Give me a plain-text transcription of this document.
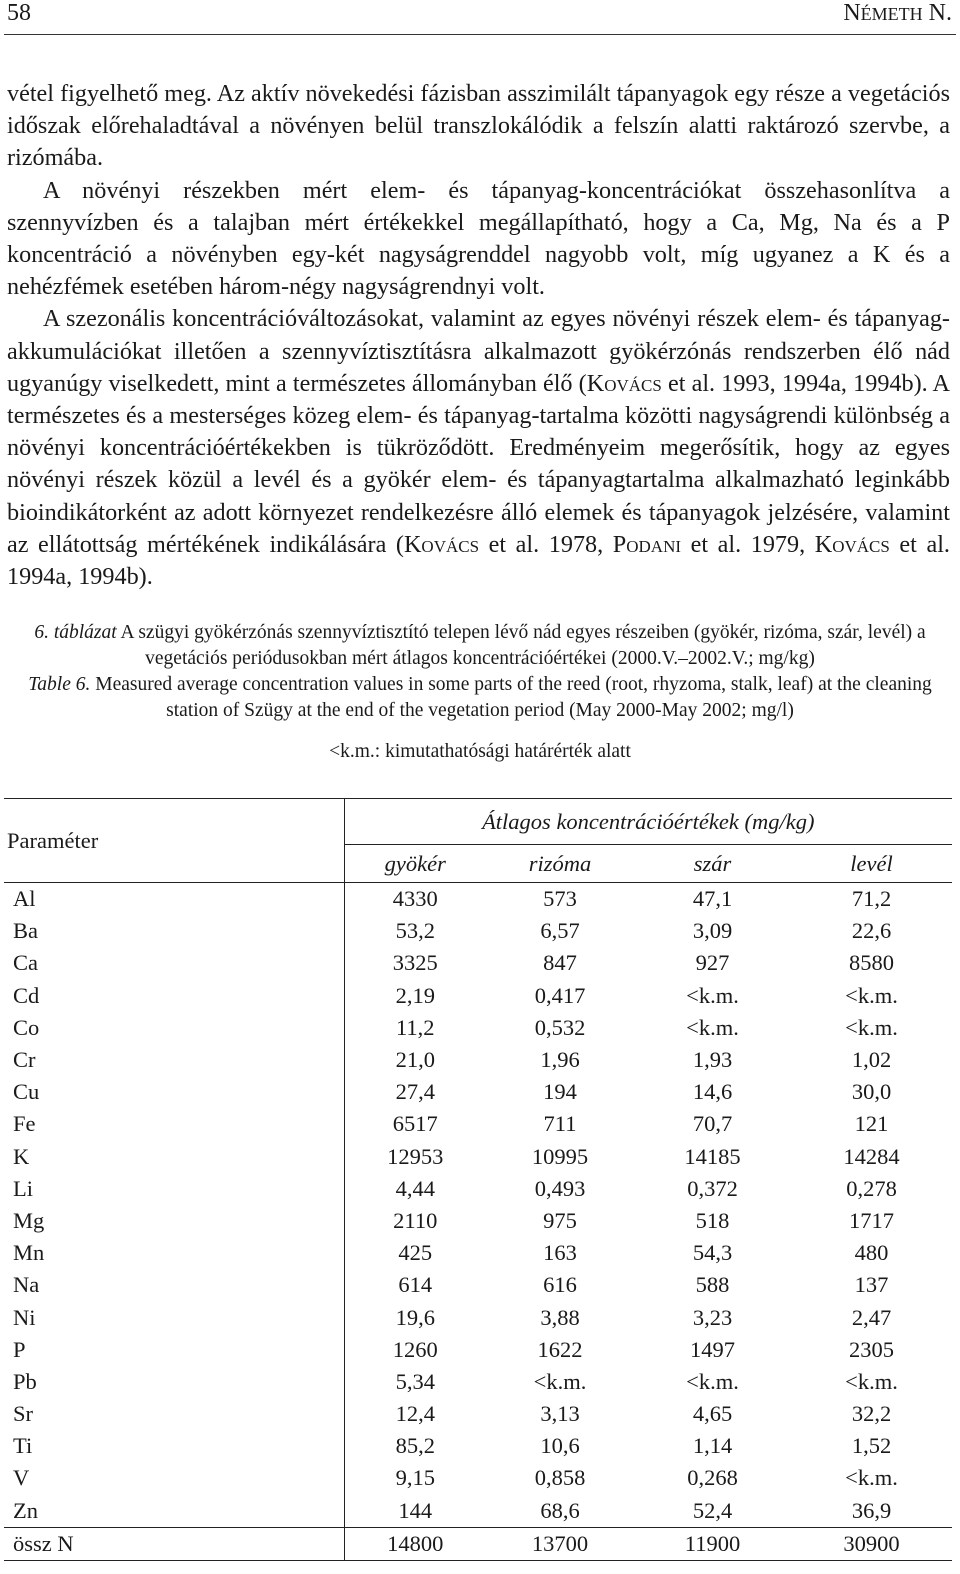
58	NÉMETH N.

vétel figyelhető meg. Az aktív növekedési fázisban asszimilált tápanyagok egy része a vegetációs időszak előrehaladtával a növényen belül transzlokálódik a felszín alatti raktározó szervbe, a rizómába.

A növényi részekben mért elem- és tápanyag-koncentrációkat összehasonlítva a szennyvízben és a talajban mért értékekkel megállapítható, hogy a Ca, Mg, Na és a P koncentráció a növényben egy-két nagyságrenddel nagyobb volt, míg ugyanez a K és a nehézfémek esetében három-négy nagyságrendnyi volt.

A szezonális koncentrációváltozásokat, valamint az egyes növényi részek elem- és tápanyag-akkumulációkat illetően a szennyvíztisztításra alkalmazott gyökérzónás rendszerben élő nád ugyanúgy viselkedett, mint a természetes állományban élő (Kovács et al. 1993, 1994a, 1994b). A természetes és a mesterséges közeg elem- és tápanyag-tartalma közötti nagyságrendi különbség a növényi koncentrációértékekben is tükröződött. Eredményeim megerősítik, hogy az egyes növényi részek közül a levél és a gyökér elem- és tápanyagtartalma alkalmazható leginkább bioindikátorként az adott környezet rendelkezésre álló elemek és tápanyagok jelzésére, valamint az ellátottság mértékének indikálására (Kovács et al. 1978, Podani et al. 1979, Kovács et al. 1994a, 1994b).

6. táblázat A szügyi gyökérzónás szennyvíztisztító telepen lévő nád egyes részeiben (gyökér, rizóma, szár, levél) a vegetációs periódusokban mért átlagos koncentrációértékei (2000.V.–2002.V.; mg/kg)

Table 6. Measured average concentration values in some parts of the reed (root, rhyzoma, stalk, leaf) at the cleaning station of Szügy at the end of the vegetation period (May 2000-May 2002; mg/l)

<k.m.: kimutathatósági határérték alatt
Paraméter	Átlagos koncentrációértékek (mg/kg)			
	gyökér	rizóma	szár	levél
Al	4330	573	47,1	71,2
Ba	53,2	6,57	3,09	22,6
Ca	3325	847	927	8580
Cd	2,19	0,417	<k.m.	<k.m.
Co	11,2	0,532	<k.m.	<k.m.
Cr	21,0	1,96	1,93	1,02
Cu	27,4	194	14,6	30,0
Fe	6517	711	70,7	121
K	12953	10995	14185	14284
Li	4,44	0,493	0,372	0,278
Mg	2110	975	518	1717
Mn	425	163	54,3	480
Na	614	616	588	137
Ni	19,6	3,88	3,23	2,47
P	1260	1622	1497	2305
Pb	5,34	<k.m.	<k.m.	<k.m.
Sr	12,4	3,13	4,65	32,2
Ti	85,2	10,6	1,14	1,52
V	9,15	0,858	0,268	<k.m.
Zn	144	68,6	52,4	36,9
össz N	14800	13700	11900	30900
